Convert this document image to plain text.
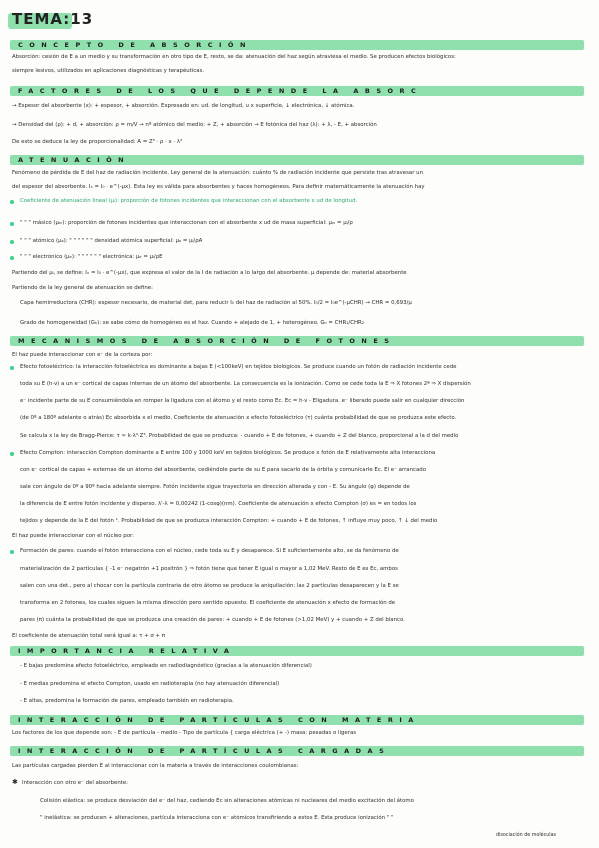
TEMA:13
CONCEPTO DE ABSORCIÓN
Absorción: cesión de E a un medio y su transformación en otro tipo de E, resto, se da: atenuación del haz según atraviesa el medio. Se producen efectos biológicos:
siempre lesivos, utilizados en aplicaciones diagnósticas y terapéuticas.
FACTORES DE LOS QUE DEPENDE LA ABSORC
→ Espesor del absorbente (x): + espesor, + absorción. Expresado en: ud. de longitud, u x superficie, ↓ electrónica, ↓ atómica.
→ Densidad del (ρ): + d, + absorción: ρ = m/V → nº atómico del medio: + Z, + absorción → E fotónica del haz (λ): + λ, - E, + absorción
De esto se deduce la ley de proporcionalidad: A = Z³ · ρ · x · λ³
ATENUACIÓN
Fenómeno de pérdida de E del haz de radiación incidente. Ley general de la atenuación: cuánto % de radiación incidente que persiste tras atravesar un
del espesor del absorbente. Iₓ = I₀ · e^(-μx). Esta ley es válida para absorbentes y haces homogéneos. Para definir matemáticamente la atenuación hay
Coeficiente de atenuación lineal (μₗ): proporción de fotones incidentes que interaccionan con el absorbente x ud de longitud.
" " " másico (μₘ): proporción de fotones incidentes que interaccionan con el absorbente x ud de masa superficial: μₘ = μₗ/ρ
" " " atómico (μₐ): " " " " " " densidad atómica superficial: μₐ = μₗ/ρA
" " " electrónico (μₑ): " " " " " " electrónica: μₑ = μₗ/ρE
Partiendo del μₗ, se define: Iₓ = I₀ · e^(-μx), que expresa el valor de la I de radiación a lo largo del absorbente. μ depende de: material absorbente
Partiendo de la ley general de atenuación se define:
Capa hemirreductora (CHR): espesor necesario, de material det, para reducir I₀ del haz de radiación al 50%. I₀/2 = I₀e^(-μCHR) → CHR = 0,693/μ
Grado de homogeneidad (Gₕ): se sabe cómo de homogéneo es el haz. Cuando + alejado de 1, + heterogéneo. Gₕ = CHR₁/CHR₂
MECANISMOS DE ABSORCIÓN DE FOTONES
El haz puede interaccionar con e⁻ de la corteza por:
Efecto fotoeléctrico: la interacción fotoeléctrica es dominante a bajas E (<100keV) en tejidos biológicos. Se produce cuando un fotón de radiación incidente cede
toda su E (h·ν) a un e⁻ cortical de capas internas de un átomo del absorbente. La consecuencia es la ionización. Como se cede toda la E ⇒ X fotones 2ª ⇒ X dispersión
e⁻ incidente parte de su E consumiéndola en romper la ligadura con el átomo y el resto como Ec. Ec = h·ν - Eligadura. e⁻ liberado puede salir en cualquier dirección
(de 0º a 180º adelante o atrás) Ec absorbida x el medio. Coeficiente de atenuación x efecto fotoeléctrico (τ) cuánta probabilidad de que se produzca este efecto.
Se calcula x la ley de Bragg-Pierce: τ ≈ k·λ³·Z³. Probabilidad de que se produzca: - cuando + E de fotones, + cuando + Z del blanco, proporcional a la d del medio
Efecto Compton: interacción Compton dominante a E entre 100 y 1000 keV en tejidos biológicos. Se produce x fotón de E relativamente alta interacciona
con e⁻ cortical de capas + externas de un átomo del absorbente, cediéndole parte de su E para sacarlo de la órbita y comunicarle Ec. El e⁻ arrancado
sale con ángulo de 0º a 90º hacia adelante siempre. Fotón incidente sigue trayectoria en dirección alterada y con - E. Su ángulo (φ) depende de
la diferencia de E entre fotón incidente y disperso. λ'-λ = 0,00242 (1-cosφ)(nm). Coeficiente de atenuación x efecto Compton (σ) es = en todos los
tejidos y depende de la E del fotón ¹. Probabilidad de que se produzca interacción Compton: + cuando + E de fotones, ↑ influye muy poco, ↑ ↓ del medio
El haz puede interaccionar con el núcleo por:
Formación de pares: cuando el fotón interacciona con el núcleo, cede toda su E y desaparece. Si E suficientemente alto, se da fenómeno de
materialización de 2 partículas { -1 e⁻ negatrón +1 positrón } ⇒ fotón tiene que tener E igual o mayor a 1,02 MeV. Resto de E es Ec, ambos
salen con una det., pero al chocar con la partícula contraria de otro átomo se produce la aniquilación: las 2 partículas desaparecen y la E se
transforma en 2 fotones, los cuales siguen la misma dirección pero sentido opuesto. El coeficiente de atenuación x efecto de formación de
pares (π) cuánta la probabilidad de que se produzca una creación de pares: + cuando + E de fotones (>1,02 MeV) y + cuando + Z del blanco.
El coeficiente de atenuación total será igual a: τ + σ + π
IMPORTANCIA RELATIVA
- E bajas predomina efecto fotoeléctrico, empleado en radiodiagnóstico (gracias a la atenuación diferencial)
- E medias predomina el efecto Compton, usado en radioterapia (no hay atenuación diferencial)
- E altas, predomina la formación de pares, empleado también en radioterapia.
INTERACCIÓN DE PARTÍCULAS CON MATERIA
Los factores de los que depende son: - E de partícula - medio - Tipo de partícula { carga eléctrica (+ -) masa: pesadas o ligeras
INTERACCIÓN DE PARTÍCULAS CARGADAS
Las partículas cargadas pierden E al interaccionar con la materia a través de interacciones coulombianas:
✱ Interacción con otro e⁻ del absorbente:
Colisión elástica: se produce desviación del e⁻ del haz, cediendo Ec sin alteraciones atómicas ni nucleares del medio excitación del átomo
" inelástica: se producen + alteraciones, partícula interacciona con e⁻ atómicos transfiriendo a estos E. Esta produce ionización " "
disociación de moléculas
